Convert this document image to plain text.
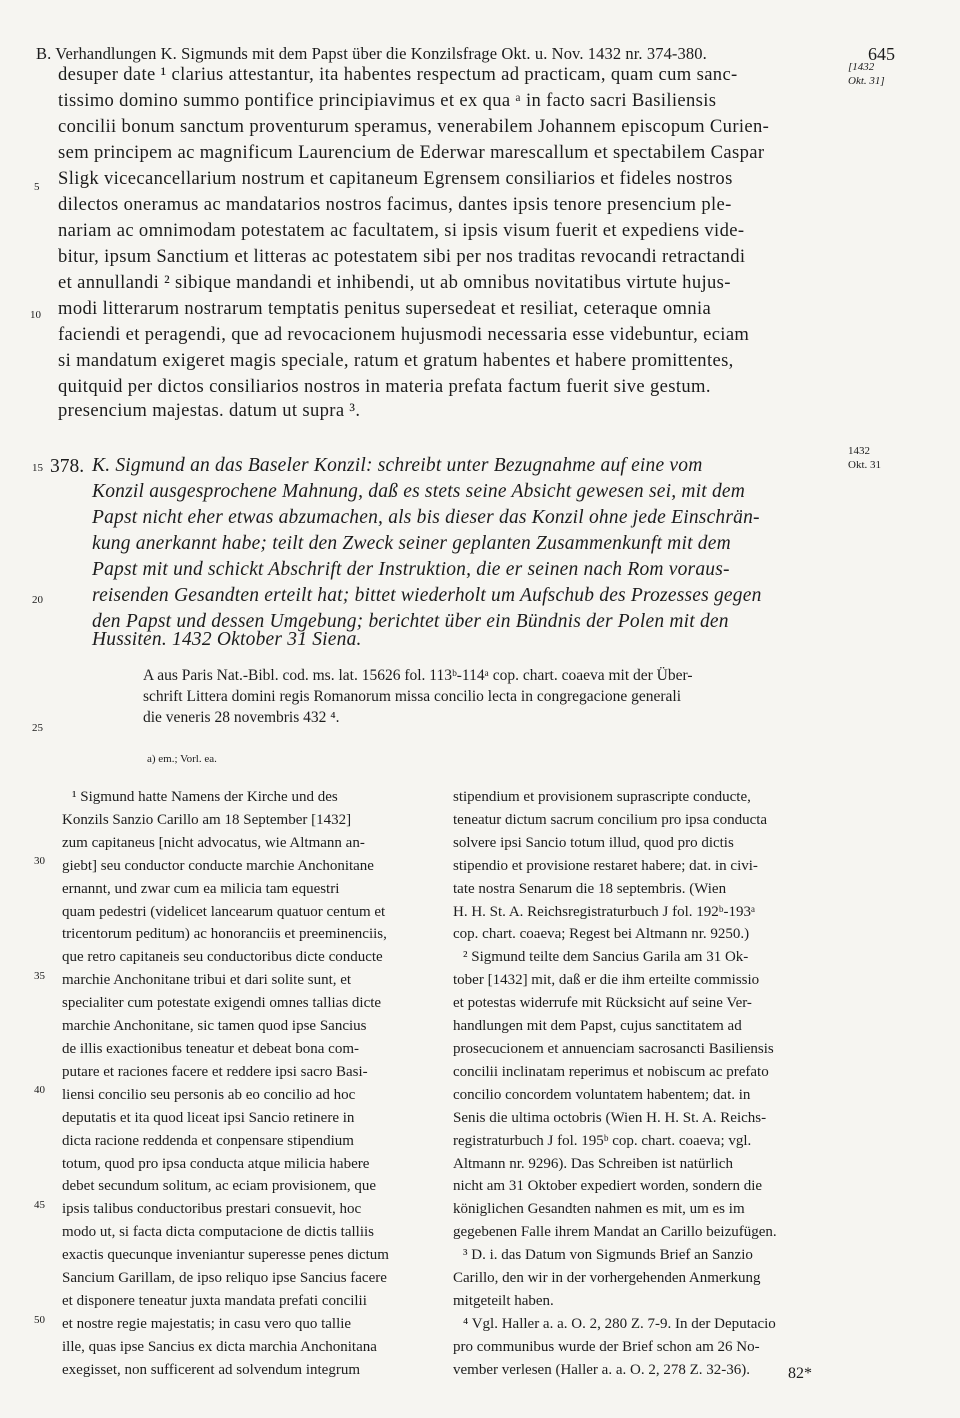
B. Verhandlungen K. Sigmunds mit dem Papst über die Konzilsfrage Okt. u. Nov. 1432 nr. 374-380.	645
[1432
Okt. 31]
desuper date ¹ clarius attestantur, ita habentes respectum ad practicam, quam cum sanc-
tissimo domino summo pontifice principiavimus et ex qua ᵃ in facto sacri Basiliensis
concilii bonum sanctum proventurum speramus, venerabilem Johannem episcopum Curien-
sem principem ac magnificum Laurencium de Ederwar marescallum et spectabilem Caspar
Sligk vicecancellarium nostrum et capitaneum Egrensem consiliarios et fideles nostros
dilectos oneramus ac mandatarios nostros facimus, dantes ipsis tenore presencium ple-
nariam ac omnimodam potestatem ac facultatem, si ipsis visum fuerit et expediens vide-
bitur, ipsum Sanctium et litteras ac potestatem sibi per nos traditas revocandi retractandi
et annullandi ² sibique mandandi et inhibendi, ut ab omnibus novitatibus virtute hujus-
modi litterarum nostrarum temptatis penitus supersedeat et resiliat, ceteraque omnia
faciendi et peragendi, que ad revocacionem hujusmodi necessaria esse videbuntur, eciam
si mandatum exigeret magis speciale, ratum et gratum habentes et habere promittentes,
quitquid per dictos consiliarios nostros in materia prefata factum fuerit sive gestum.
presencium majestas. datum ut supra ³.
5
10
15 378.
1432
Okt. 31
K. Sigmund an das Baseler Konzil: schreibt unter Bezugnahme auf eine vom
Konzil ausgesprochene Mahnung, daß es stets seine Absicht gewesen sei, mit dem
Papst nicht eher etwas abzumachen, als bis dieser das Konzil ohne jede Einschrän-
kung anerkannt habe; teilt den Zweck seiner geplanten Zusammenkunft mit dem
Papst mit und schickt Abschrift der Instruktion, die er seinen nach Rom voraus-
reisenden Gesandten erteilt hat; bittet wiederholt um Aufschub des Prozesses gegen
den Papst und dessen Umgebung; berichtet über ein Bündnis der Polen mit den
Hussiten. 1432 Oktober 31 Siena.
20
A aus Paris Nat.-Bibl. cod. ms. lat. 15626 fol. 113ᵇ-114ᵃ cop. chart. coaeva mit der Über-
schrift Littera domini regis Romanorum missa concilio lecta in congregacione generali
die veneris 28 novembris 432 ⁴.
25
a) em.; Vorl. ea.
¹ Sigmund hatte Namens der Kirche und des
Konzils Sanzio Carillo am 18 September [1432]
zum capitaneus [nicht advocatus, wie Altmann an-
giebt] seu conductor conducte marchie Anchonitane
ernannt, und zwar cum ea milicia tam equestri
quam pedestri (videlicet lancearum quatuor centum et
tricentorum peditum) ac honoranciis et preeminenciis,
que retro capitaneis seu conductoribus dicte conducte
marchie Anchonitane tribui et dari solite sunt, et
specialiter cum potestate exigendi omnes tallias dicte
marchie Anchonitane, sic tamen quod ipse Sancius
de illis exactionibus teneatur et debeat bona com-
putare et raciones facere et reddere ipsi sacro Basi-
liensi concilio seu personis ab eo concilio ad hoc
deputatis et ita quod liceat ipsi Sancio retinere in
dicta racione reddenda et conpensare stipendium
totum, quod pro ipsa conducta atque milicia habere
debet secundum solitum, ac eciam provisionem, que
ipsis talibus conductoribus prestari consuevit, hoc
modo ut, si facta dicta computacione de dictis talliis
exactis quecunque inveniantur superesse penes dictum
Sancium Garillam, de ipso reliquo ipse Sancius facere
et disponere teneatur juxta mandata prefati concilii
et nostre regie majestatis; in casu vero quo tallie
ille, quas ipse Sancius ex dicta marchia Anchonitana
exegisset, non sufficerent ad solvendum integrum
30
35
40
45
50
stipendium et provisionem suprascripte conducte,
teneatur dictum sacrum concilium pro ipsa conducta
solvere ipsi Sancio totum illud, quod pro dictis
stipendio et provisione restaret habere; dat. in civi-
tate nostra Senarum die 18 septembris. (Wien
H. H. St. A. Reichsregistraturbuch J fol. 192ᵇ-193ᵃ
cop. chart. coaeva; Regest bei Altmann nr. 9250.)
² Sigmund teilte dem Sancius Garila am 31 Ok-
tober [1432] mit, daß er die ihm erteilte commissio
et potestas widerrufe mit Rücksicht auf seine Ver-
handlungen mit dem Papst, cujus sanctitatem ad
prosecucionem et annuenciam sacrosancti Basiliensis
concilii inclinatam reperimus et nobiscum ac prefato
concilio concordem voluntatem habentem; dat. in
Senis die ultima octobris (Wien H. H. St. A. Reichs-
registraturbuch J fol. 195ᵇ cop. chart. coaeva; vgl.
Altmann nr. 9296). Das Schreiben ist natürlich
nicht am 31 Oktober expediert worden, sondern die
königlichen Gesandten nahmen es mit, um es im
gegebenen Falle ihrem Mandat an Carillo beizufügen.
³ D. i. das Datum von Sigmunds Brief an Sanzio
Carillo, den wir in der vorhergehenden Anmerkung
mitgeteilt haben.
⁴ Vgl. Haller a. a. O. 2, 280 Z. 7-9. In der Deputacio
pro communibus wurde der Brief schon am 26 No-
vember verlesen (Haller a. a. O. 2, 278 Z. 32-36).	82*
